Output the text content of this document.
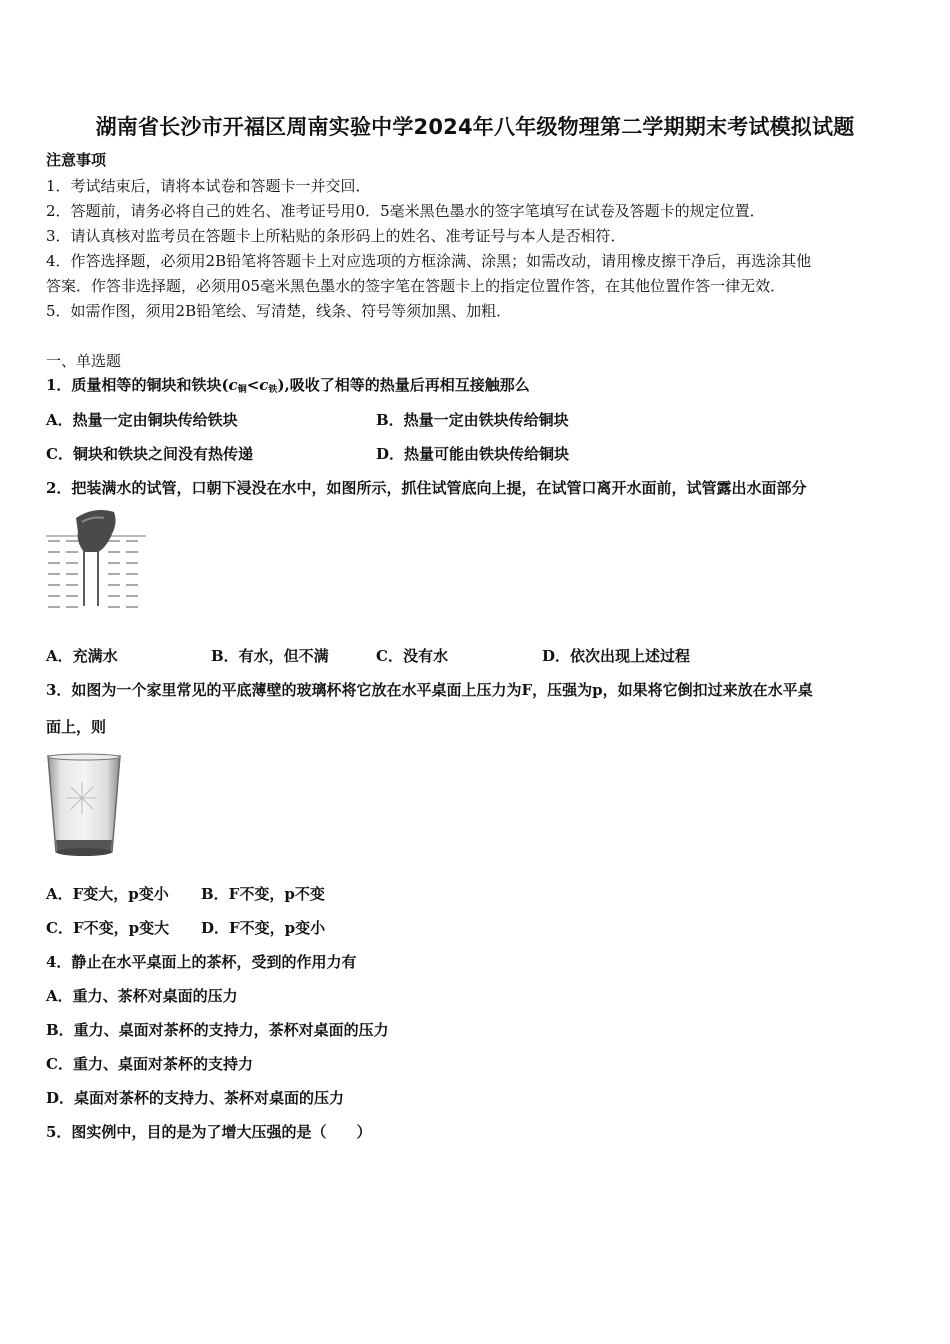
湖南省长沙市开福区周南实验中学2024年八年级物理第二学期期末考试模拟试题
注意事项
1．考试结束后，请将本试卷和答题卡一并交回．
2．答题前，请务必将自己的姓名、准考证号用0．5毫米黑色墨水的签字笔填写在试卷及答题卡的规定位置．
3．请认真核对监考员在答题卡上所粘贴的条形码上的姓名、准考证号与本人是否相符．
4．作答选择题，必须用2B铅笔将答题卡上对应选项的方框涂满、涂黑；如需改动，请用橡皮擦干净后，再选涂其他
答案．作答非选择题，必须用05毫米黑色墨水的签字笔在答题卡上的指定位置作答，在其他位置作答一律无效．
5．如需作图，须用2B铅笔绘、写清楚，线条、符号等须加黑、加粗．
一、单选题
1．质量相等的铜块和铁块$(c_铜<c_铁)$,吸收了相等的热量后再相互接触那么
A．热量一定由铜块传给铁块	B．热量一定由铁块传给铜块
C．铜块和铁块之间没有热传递	D．热量可能由铁块传给铜块
2．把装满水的试管，口朝下浸没在水中，如图所示，抓住试管底向上提，在试管口离开水面前，试管露出水面部分
A．充满水	B．有水，但不满	C．没有水	D．依次出现上述过程
3．如图为一个家里常见的平底薄壁的玻璃杯将它放在水平桌面上压力为F，压强为p，如果将它倒扣过来放在水平桌
面上，则
A．F变大，p变小 B．F不变，p不变
C．F不变，p变大 D．F不变，p变小
4．静止在水平桌面上的茶杯，受到的作用力有
A．重力、茶杯对桌面的压力
B．重力、桌面对茶杯的支持力，茶杯对桌面的压力
C．重力、桌面对茶杯的支持力
D．桌面对茶杯的支持力、茶杯对桌面的压力
5．图实例中，目的是为了增大压强的是（　　）
